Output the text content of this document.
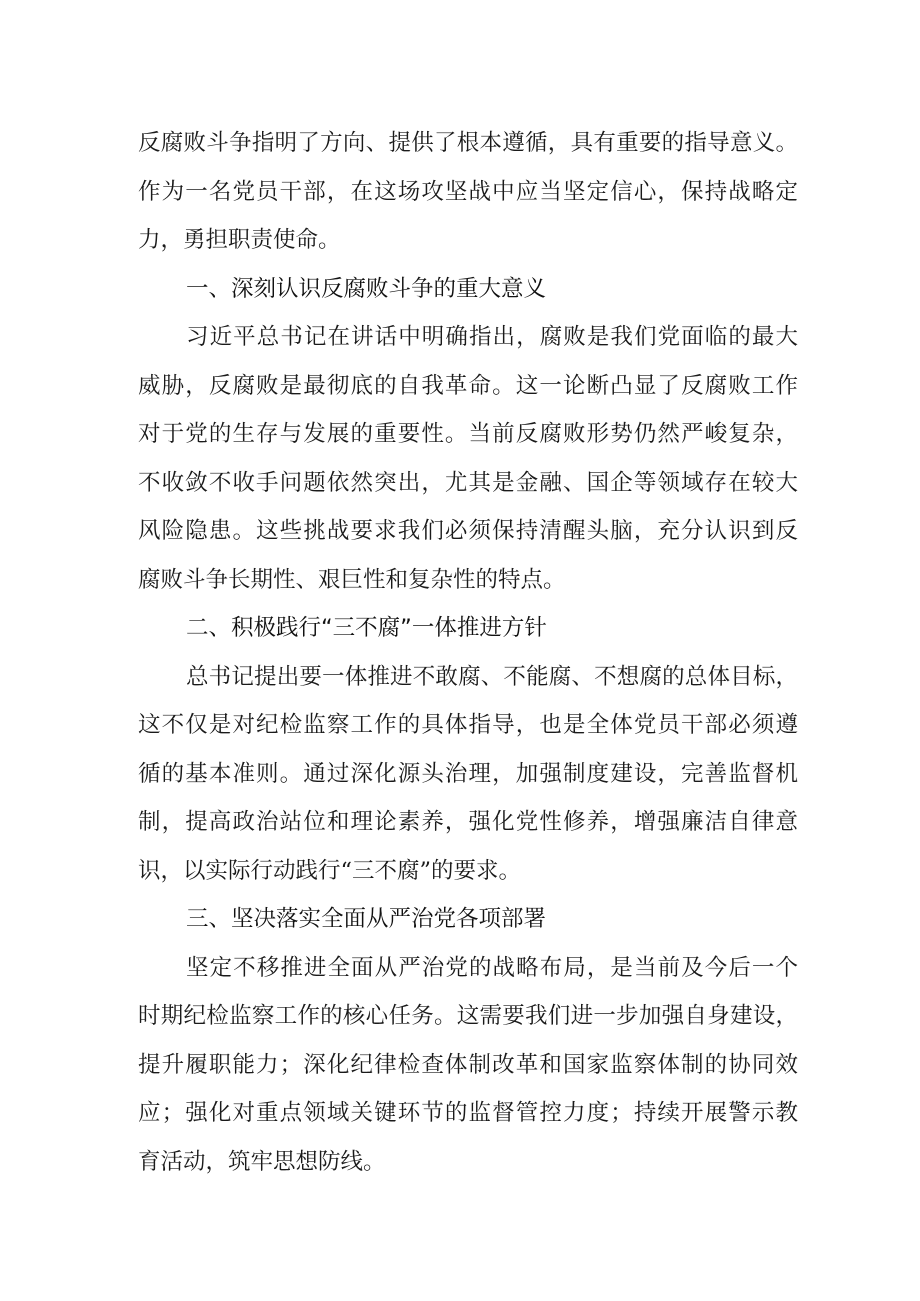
反腐败斗争指明了方向、提供了根本遵循，具有重要的指导意义。
作为一名党员干部，在这场攻坚战中应当坚定信心，保持战略定
力，勇担职责使命。
一、深刻认识反腐败斗争的重大意义
习近平总书记在讲话中明确指出，腐败是我们党面临的最大
威胁，反腐败是最彻底的自我革命。这一论断凸显了反腐败工作
对于党的生存与发展的重要性。当前反腐败形势仍然严峻复杂，
不收敛不收手问题依然突出，尤其是金融、国企等领域存在较大
风险隐患。这些挑战要求我们必须保持清醒头脑，充分认识到反
腐败斗争长期性、艰巨性和复杂性的特点。
二、积极践行“三不腐”一体推进方针
总书记提出要一体推进不敢腐、不能腐、不想腐的总体目标，
这不仅是对纪检监察工作的具体指导，也是全体党员干部必须遵
循的基本准则。通过深化源头治理，加强制度建设，完善监督机
制，提高政治站位和理论素养，强化党性修养，增强廉洁自律意
识，以实际行动践行“三不腐”的要求。
三、坚决落实全面从严治党各项部署
坚定不移推进全面从严治党的战略布局，是当前及今后一个
时期纪检监察工作的核心任务。这需要我们进一步加强自身建设，
提升履职能力；深化纪律检查体制改革和国家监察体制的协同效
应；强化对重点领域关键环节的监督管控力度；持续开展警示教
育活动，筑牢思想防线。
